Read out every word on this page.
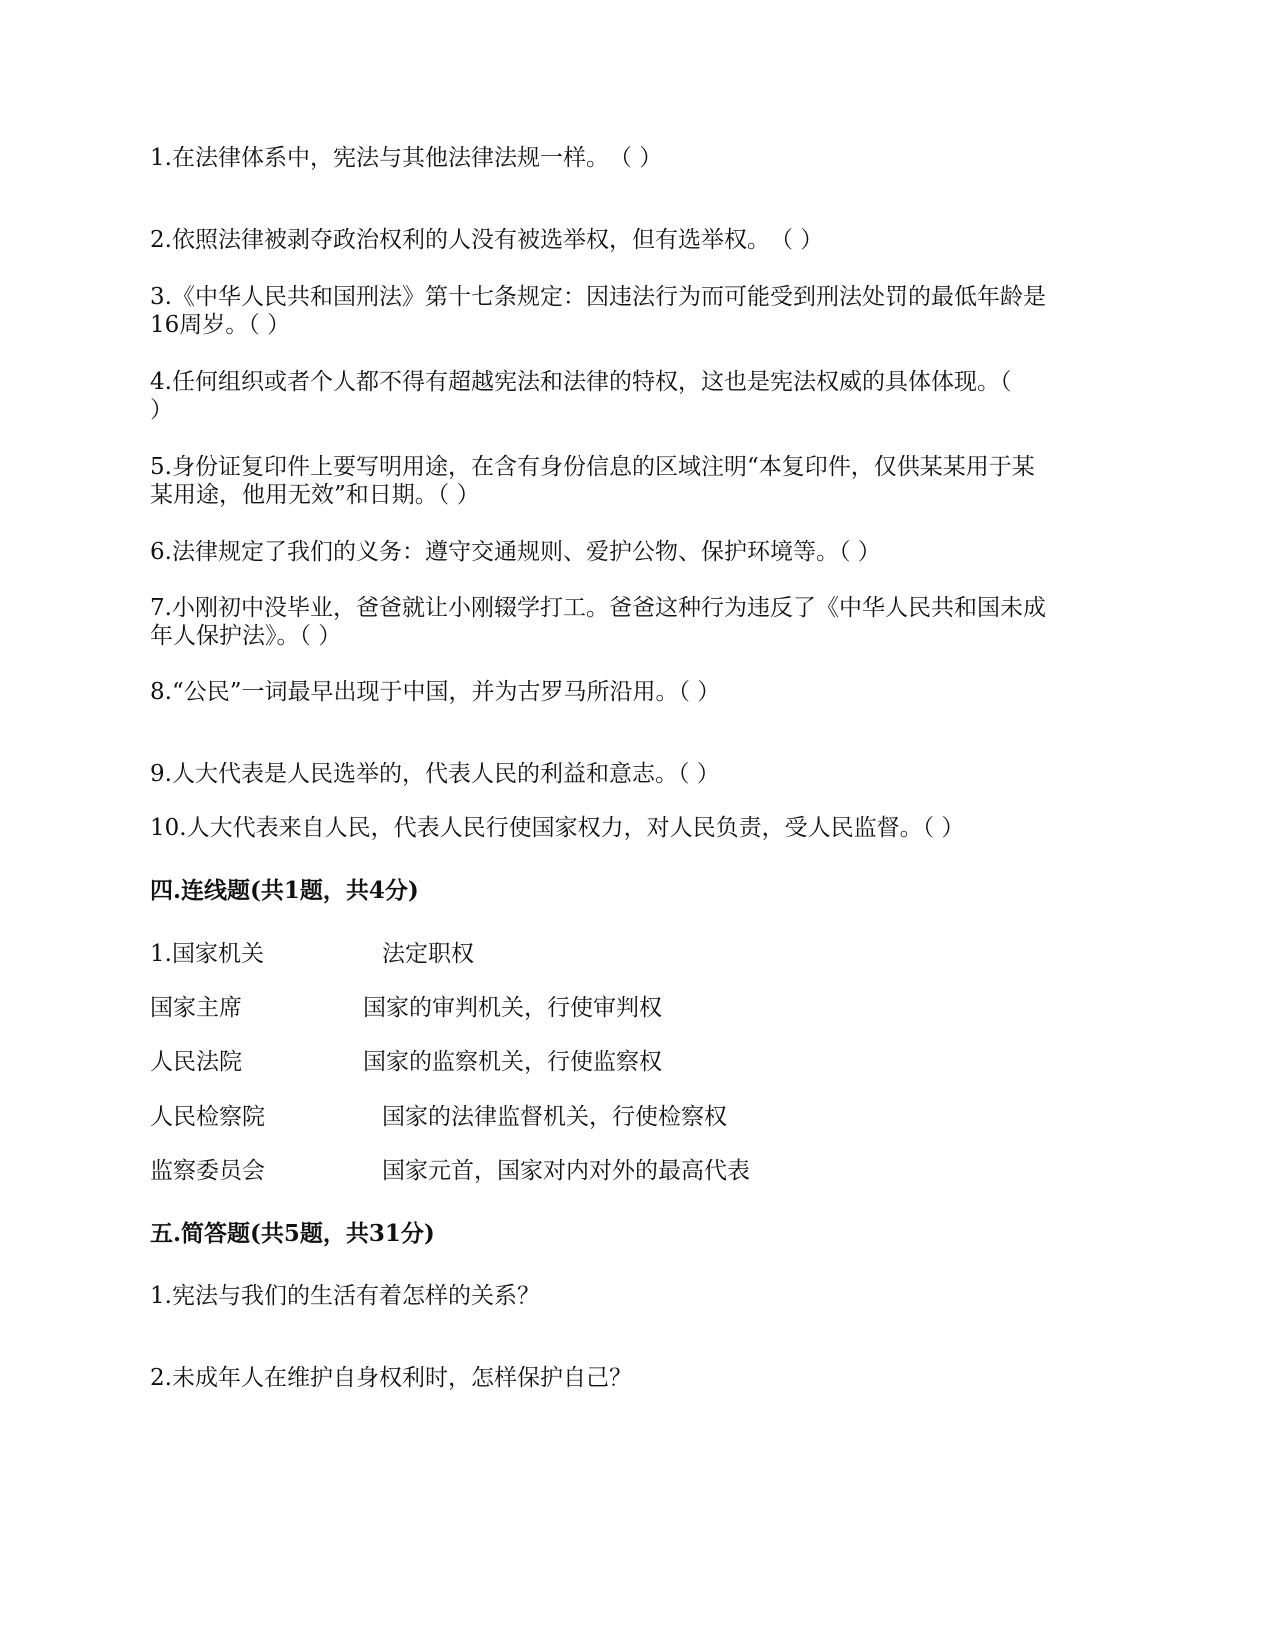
1.在法律体系中，宪法与其他法律法规一样。　（ ）
2.依照法律被剥夺政治权利的人没有被选举权，但有选举权。　（ ）
3.《中华人民共和国刑法》第十七条规定：因违法行为而可能受到刑法处罚的最低年龄是
16周岁。（ ）
4.任何组织或者个人都不得有超越宪法和法律的特权，这也是宪法权威的具体体现。（
）
5.身份证复印件上要写明用途，在含有身份信息的区域注明“本复印件，仅供某某用于某
某用途，他用无效”和日期。（ ）
6.法律规定了我们的义务：遵守交通规则、爱护公物、保护环境等。（ ）
7.小刚初中没毕业，爸爸就让小刚辍学打工。爸爸这种行为违反了《中华人民共和国未成
年人保护法》。（ ）
8.“公民”一词最早出现于中国，并为古罗马所沿用。（ ）
9.人大代表是人民选举的，代表人民的利益和意志。（ ）
10.人大代表来自人民，代表人民行使国家权力，对人民负责，受人民监督。（ ）
四.连线题(共1题，共4分)
1.国家机关	法定职权
国家主席	国家的审判机关，行使审判权
人民法院	国家的监察机关，行使监察权
人民检察院	国家的法律监督机关，行使检察权
监察委员会	国家元首，国家对内对外的最高代表
五.简答题(共5题，共31分)
1.宪法与我们的生活有着怎样的关系？
2.未成年人在维护自身权利时，怎样保护自己？
